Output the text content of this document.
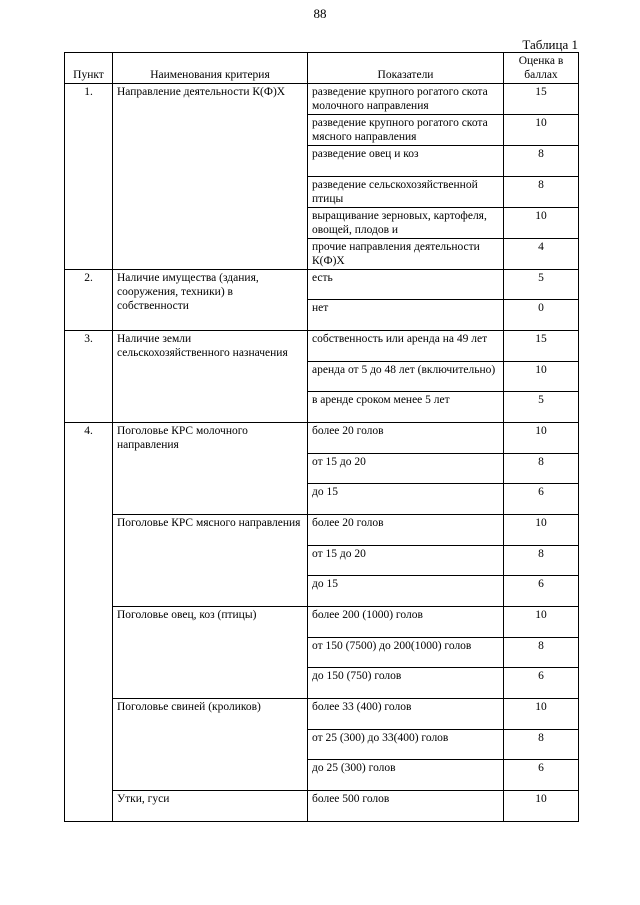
88
Таблица 1
Пункт	Наименования критерия	Показатели	Оценка в баллах
1.	Направление деятельности К(Ф)Х	разведение крупного рогатого скота молочного направления	15
		разведение крупного рогатого скота мясного направления	10
		разведение овец и коз	8
		разведение сельскохозяйственной птицы	8
		выращивание зерновых, картофеля, овощей, плодов и	10
		прочие направления деятельности К(Ф)Х	4
2.	Наличие имущества (здания, сооружения, техники) в собственности	есть	5
		нет	0
3.	Наличие земли сельскохозяйственного назначения	собственность или аренда на 49 лет	15
		аренда от 5 до 48 лет (включительно)	10
		в аренде сроком менее 5 лет	5
4.	Поголовье КРС молочного направления	более 20 голов	10
		от 15 до 20	8
		до 15	6
	Поголовье КРС мясного направления	более 20 голов	10
		от 15 до 20	8
		до 15	6
	Поголовье овец, коз (птицы)	более 200 (1000) голов	10
		от 150 (7500) до 200(1000) голов	8
		до 150 (750) голов	6
	Поголовье свиней (кроликов)	более 33 (400) голов	10
		от 25 (300) до 33(400) голов	8
		до 25 (300) голов	6
	Утки, гуси	более 500 голов	10
